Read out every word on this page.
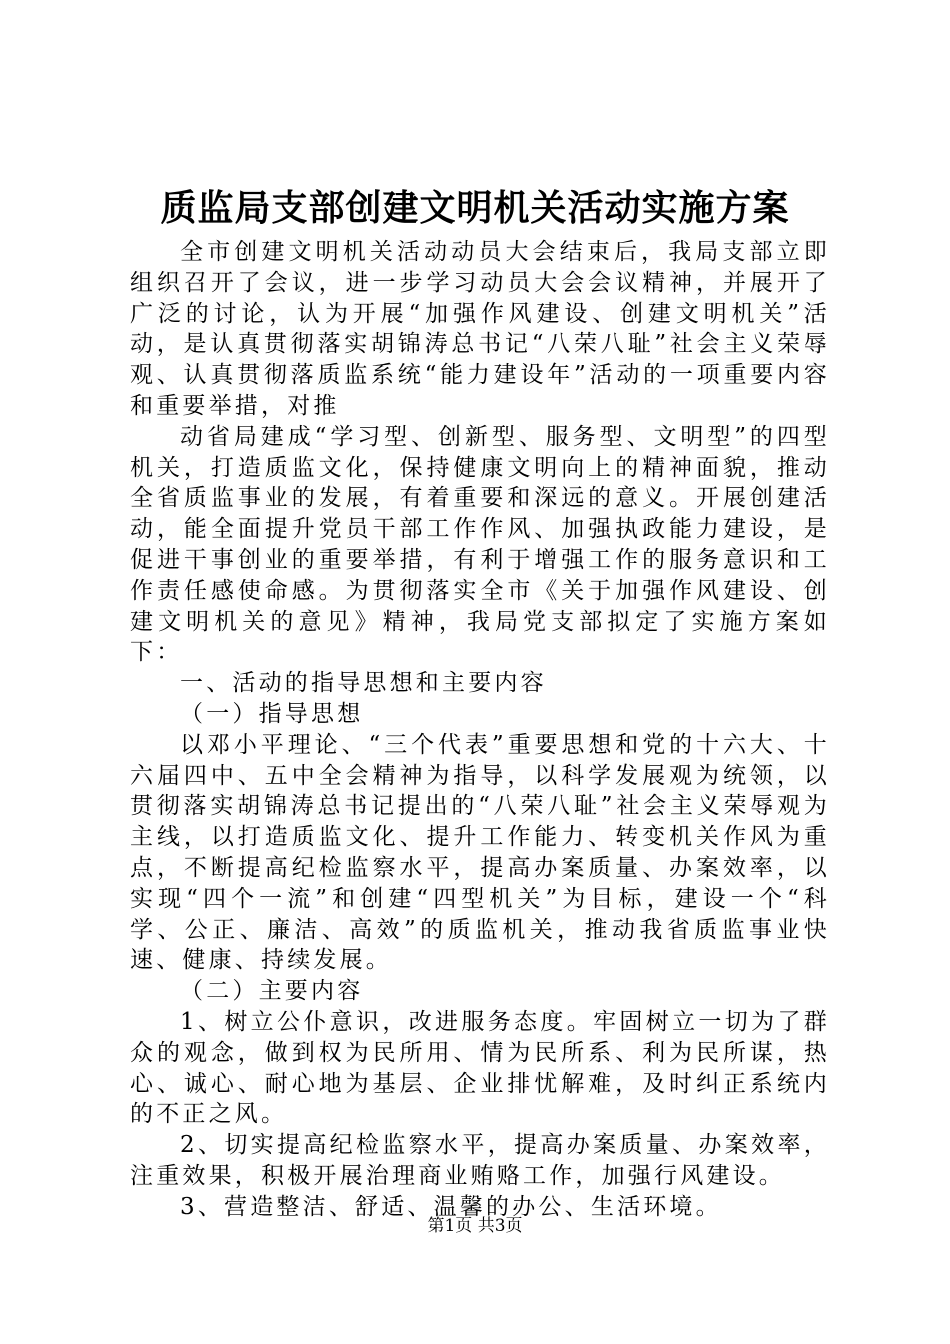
质监局支部创建文明机关活动实施方案

全市创建文明机关活动动员大会结束后，我局支部立即组织召开了会议，进一步学习动员大会会议精神，并展开了广泛的讨论，认为开展“加强作风建设、创建文明机关”活动，是认真贯彻落实胡锦涛总书记“八荣八耻”社会主义荣辱观、认真贯彻落质监系统“能力建设年”活动的一项重要内容和重要举措，对推

动省局建成“学习型、创新型、服务型、文明型”的四型机关，打造质监文化，保持健康文明向上的精神面貌，推动全省质监事业的发展，有着重要和深远的意义。开展创建活动，能全面提升党员干部工作作风、加强执政能力建设，是促进干事创业的重要举措，有利于增强工作的服务意识和工作责任感使命感。为贯彻落实全市《关于加强作风建设、创建文明机关的意见》精神，我局党支部拟定了实施方案如下：

一、活动的指导思想和主要内容

（一）指导思想

以邓小平理论、“三个代表”重要思想和党的十六大、十六届四中、五中全会精神为指导，以科学发展观为统领，以贯彻落实胡锦涛总书记提出的“八荣八耻”社会主义荣辱观为主线，以打造质监文化、提升工作能力、转变机关作风为重点，不断提高纪检监察水平，提高办案质量、办案效率，以实现“四个一流”和创建“四型机关”为目标，建设一个“科学、公正、廉洁、高效”的质监机关，推动我省质监事业快速、健康、持续发展。

（二）主要内容

1、树立公仆意识，改进服务态度。牢固树立一切为了群众的观念，做到权为民所用、情为民所系、利为民所谋，热心、诚心、耐心地为基层、企业排忧解难，及时纠正系统内的不正之风。

2、切实提高纪检监察水平，提高办案质量、办案效率，注重效果，积极开展治理商业贿赂工作，加强行风建设。

3、营造整洁、舒适、温馨的办公、生活环境。

第1页 共3页
